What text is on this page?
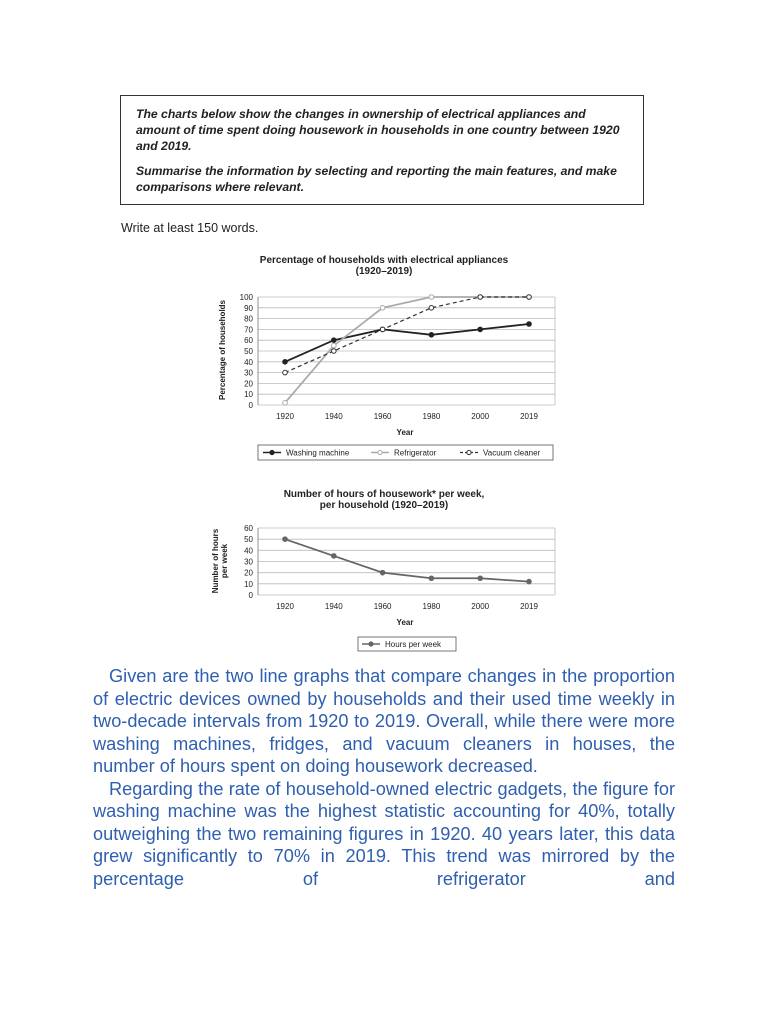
The charts below show the changes in ownership of electrical appliances and amount of time spent doing housework in households in one country between 1920 and 2019.

Summarise the information by selecting and reporting the main features, and make comparisons where relevant.

Write at least 150 words.
Percentage of households with electrical appliances
(1920–2019)
0
10
20
30
40
50
60
70
80
90
100
1920	1940	1960	1980	2000	2019
Year
Percentage of households
Washing machine	Refrigerator	Vacuum cleaner
Number of hours of housework* per week,
per household (1920–2019)
0
10
20
30
40
50
60
1920	1940	1960	1980	2000	2019
Year
Number of hoursper week
Hours per week

Given are the two line graphs that compare changes in the proportion of electric devices owned by households and their used time weekly in two-decade intervals from 1920 to 2019. Overall, while there were more washing machines, fridges, and vacuum cleaners in houses, the number of hours spent on doing housework decreased.

Regarding the rate of household-owned electric gadgets, the figure for washing machine was the highest statistic accounting for 40%, totally outweighing the two remaining figures in 1920. 40 years later, this data grew significantly to 70% in 2019. This trend was mirrored by the percentage of refrigerator and
